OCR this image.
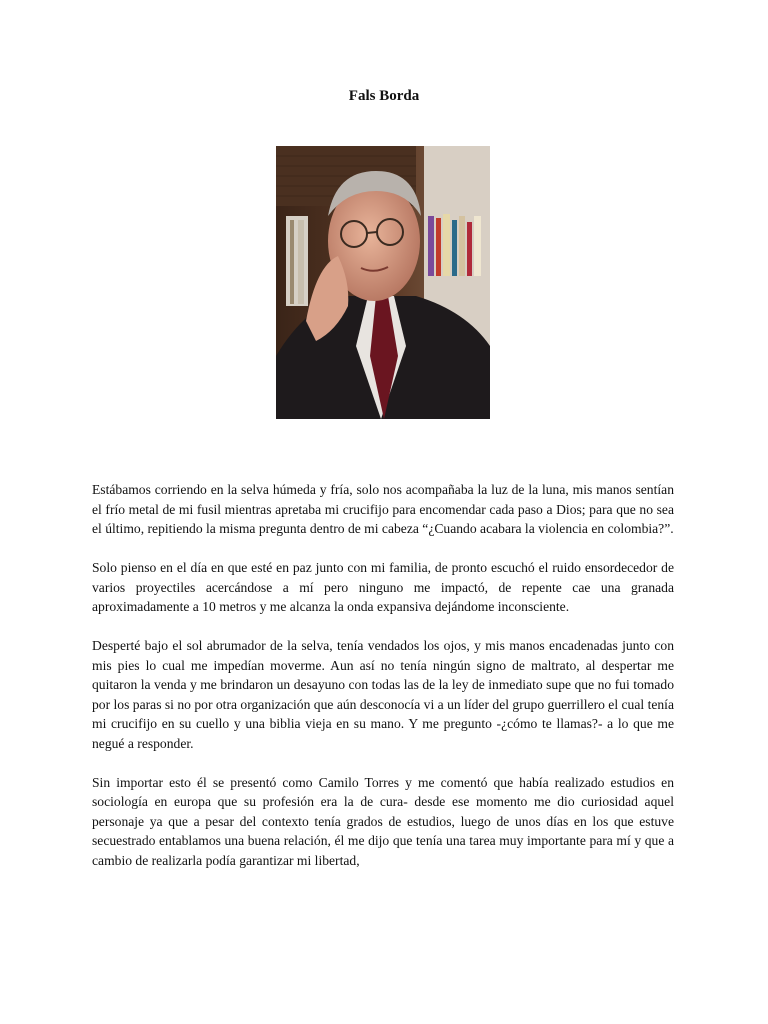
Fals Borda

Estábamos corriendo en la selva húmeda y fría, solo nos acompañaba la luz de la luna, mis manos sentían el frío metal de mi fusil mientras apretaba mi crucifijo para encomendar cada paso a Dios; para que no sea el último, repitiendo la misma pregunta dentro de mi cabeza “¿Cuando acabara la violencia en colombia?”.

Solo pienso en el día en que esté en paz junto con mi familia, de pronto escuchó el ruido ensordecedor de varios proyectiles acercándose a mí pero ninguno me impactó, de repente cae una granada aproximadamente a 10 metros y me alcanza la onda expansiva dejándome inconsciente.

Desperté bajo el sol abrumador de la selva, tenía vendados los ojos, y mis manos encadenadas junto con mis pies lo cual me impedían moverme. Aun así no tenía ningún signo de maltrato, al despertar me quitaron la venda y me brindaron un desayuno con todas las de la ley de inmediato supe que no fui tomado por los paras si no por otra organización que aún desconocía vi a un líder del grupo guerrillero el cual tenía mi crucifijo en su cuello y una biblia vieja en su mano. Y me pregunto -¿cómo te llamas?- a lo que me negué a responder.

Sin importar esto él se presentó como Camilo Torres y me comentó que había realizado estudios en sociología en europa que su profesión era la de cura- desde ese momento me dio curiosidad aquel personaje ya que a pesar del contexto tenía grados de estudios, luego de unos días en los que estuve secuestrado entablamos una buena relación, él me dijo que tenía una tarea muy importante para mí y que a cambio de realizarla podía garantizar mi libertad,
